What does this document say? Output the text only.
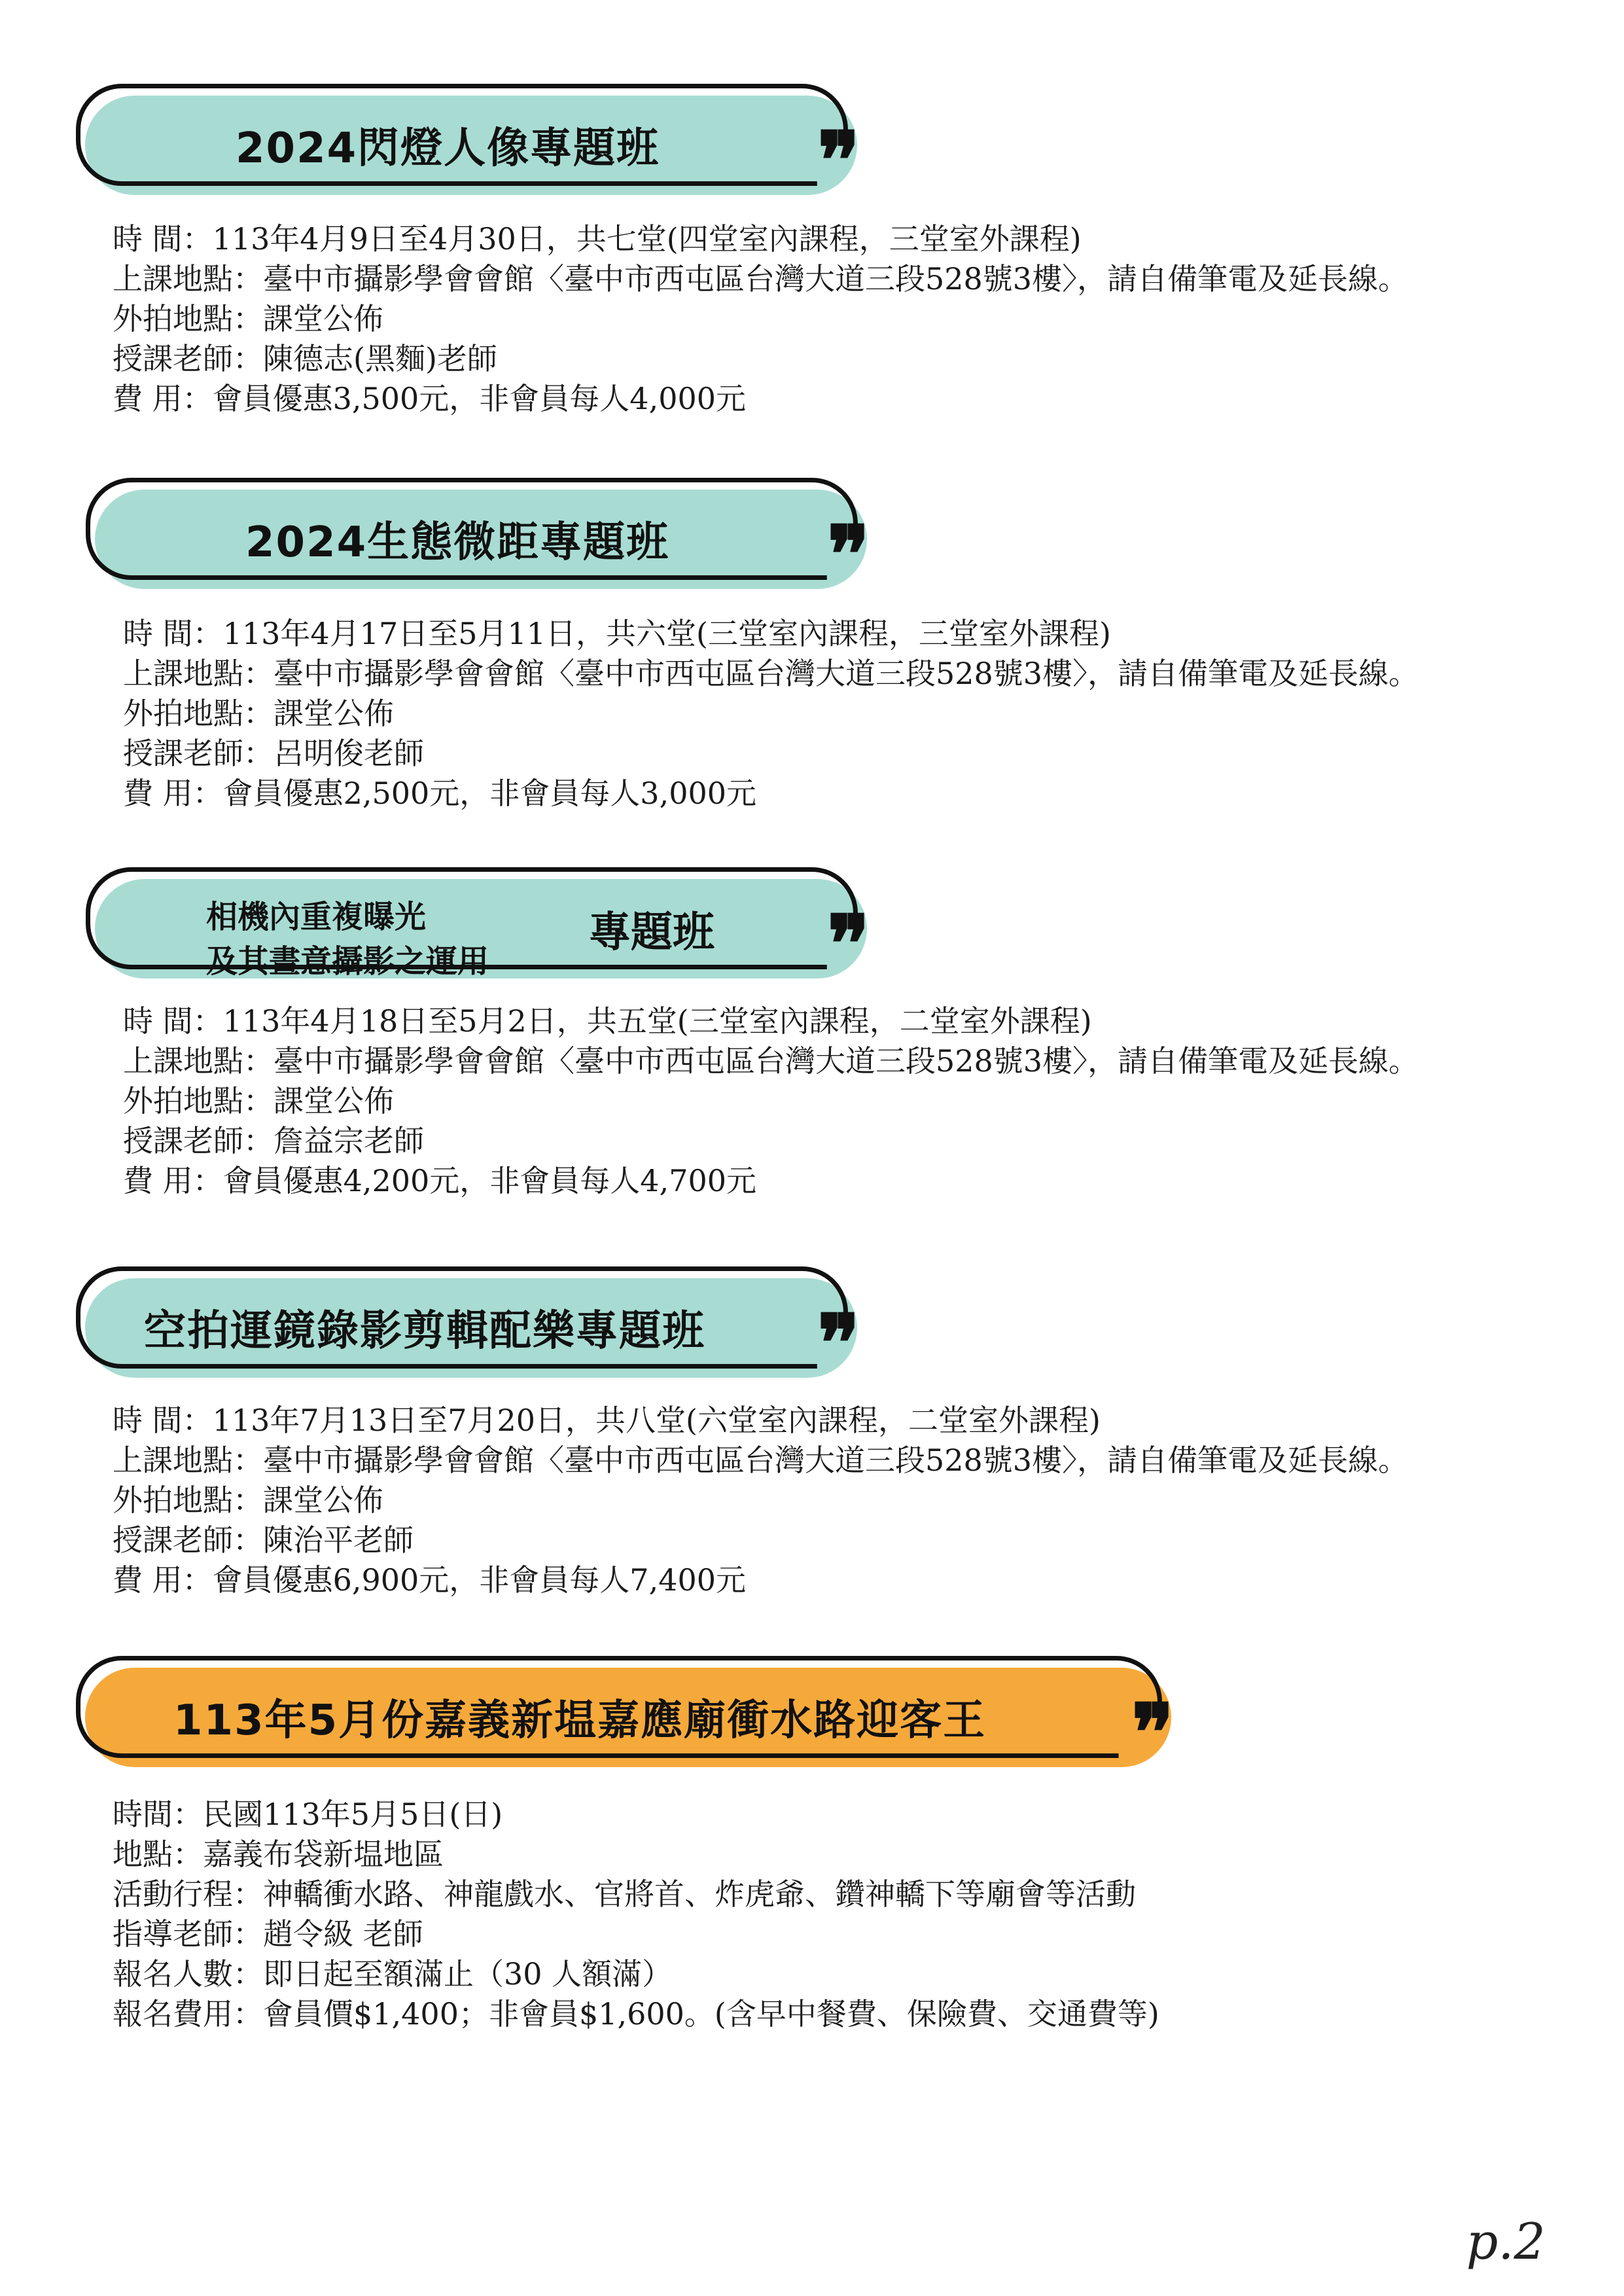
2024閃燈人像專題班	❞
時 間：113年4月9日至4月30日，共七堂(四堂室內課程，三堂室外課程)
上課地點：臺中市攝影學會會館〈臺中市西屯區台灣大道三段528號3樓〉，請自備筆電及延長線。
外拍地點：課堂公佈
授課老師：陳德志(黑麵)老師
費 用：會員優惠3,500元，非會員每人4,000元
2024生態微距專題班	❞
時 間：113年4月17日至5月11日，共六堂(三堂室內課程，三堂室外課程)
上課地點：臺中市攝影學會會館〈臺中市西屯區台灣大道三段528號3樓〉，請自備筆電及延長線。
外拍地點：課堂公佈
授課老師：呂明俊老師
費 用：會員優惠2,500元，非會員每人3,000元
相機內重複曝光
及其畫意攝影之運用
專題班 ❞
時 間：113年4月18日至5月2日，共五堂(三堂室內課程，二堂室外課程)
上課地點：臺中市攝影學會會館〈臺中市西屯區台灣大道三段528號3樓〉，請自備筆電及延長線。
外拍地點：課堂公佈
授課老師：詹益宗老師
費 用：會員優惠4,200元，非會員每人4,700元
空拍運鏡錄影剪輯配樂專題班	❞
時 間：113年7月13日至7月20日，共八堂(六堂室內課程，二堂室外課程)
上課地點：臺中市攝影學會會館〈臺中市西屯區台灣大道三段528號3樓〉，請自備筆電及延長線。
外拍地點：課堂公佈
授課老師：陳治平老師
費 用：會員優惠6,900元，非會員每人7,400元
113年5月份嘉義新塭嘉應廟衝水路迎客王	❞
時間：民國113年5月5日(日)
地點：嘉義布袋新塭地區
活動行程：神轎衝水路、神龍戲水、官將首、炸虎爺、鑽神轎下等廟會等活動
指導老師：趙令級 老師
報名人數：即日起至額滿止（30 人額滿）
報名費用：會員價$1,400；非會員$1,600。(含早中餐費、保險費、交通費等)
p.2
